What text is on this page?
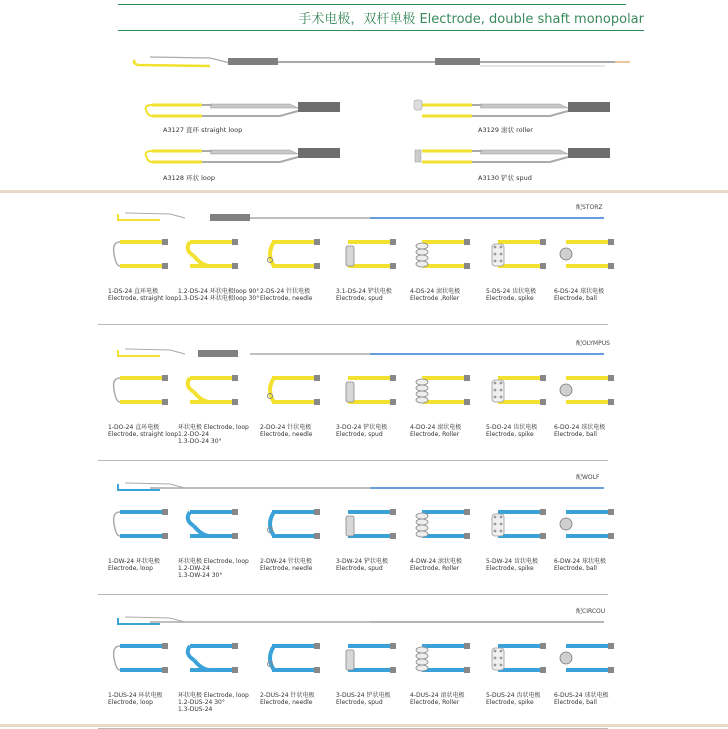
手术电极，双杆单极 Electrode, double shaft monopolar
A3127 直环 straight loop	A3129 滚状 roller
A3128 环状 loop	A3130 铲状 spud
配STORZ
1-DS-24 直环电极
Electrode, straight loop
1.2-DS-24 环状电极loop 90°
1.3-DS-24 环状电极loop 30°
2-DS-24 针状电极
Electrode, needle
3.1-DS-24 铲状电极
Electrode, spud
4-DS-24 滚状电极
Electrode ,Roller
5-DS-24 齿状电极
Electrode, spike
6-DS-24 球状电极
Electrode, ball
配OLYMPUS
1-DO-24 直环电极
Electrode, straight loop
环状电极 Electrode, loop
1.2-DO-24
1.3-DO-24 30°
2-DO-24 针状电极
Electrode, needle
3-DO-24 铲状电极
Electrode, spud
4-DO-24 滚状电极
Electrode, Roller
5-DO-24 齿状电极
Electrode, spike
6-DO-24 球状电极
Electrode, ball
配WOLF
1-DW-24 环状电极
Electrode, loop
环状电极 Electrode, loop
1.2-DW-24
1.3-DW-24 30°
2-DW-24 针状电极
Electrode, needle
3-DW-24 铲状电极
Electrode, spud
4-DW-24 滚状电极
Electrode, Roller
5-DW-24 齿状电极
Electrode, spike
6-DW-24 球状电极
Electrode, ball
配CIRCOU
1-DUS-24 环状电极
Electrode, loop
环状电极 Electrode, loop
1.2-DUS-24 30°
1.3-DUS-24
2-DUS-24 针状电极
Electrode, needle
3-DUS-24 铲状电极
Electrode, spud
4-DUS-24 滚状电极
Electrode, Roller
5-DUS-24 齿状电极
Electrode, spike
6-DUS-24 球状电极
Electrode, ball
